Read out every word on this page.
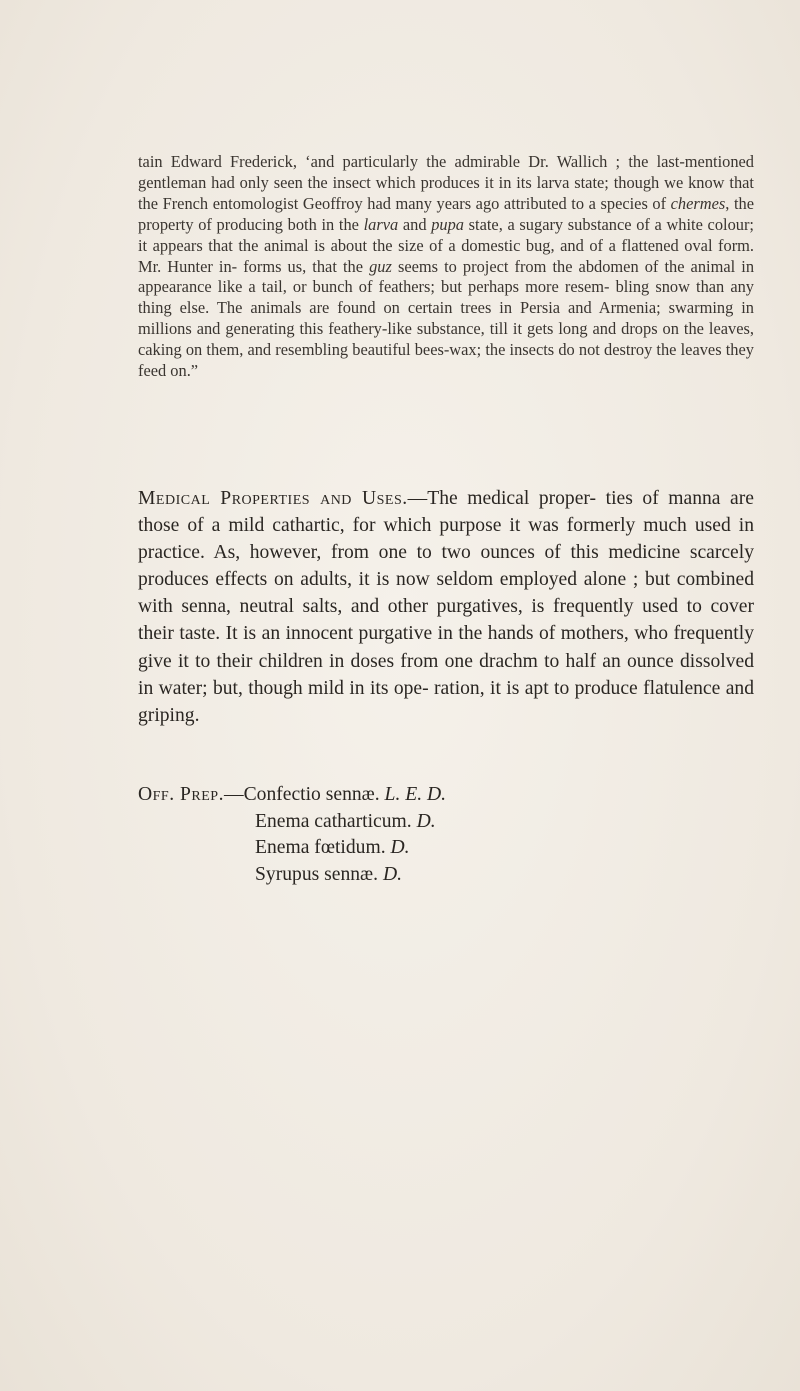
tain Edward Frederick, ‘and particularly the admirable Dr. Wallich ; the last-mentioned gentleman had only seen the insect which produces it in its larva state; though we know that the French entomologist Geoffroy had many years ago attributed to a species of chermes, the property of producing both in the larva and pupa state, a sugary substance of a white colour; it appears that the animal is about the size of a domestic bug, and of a flattened oval form. Mr. Hunter in- forms us, that the guz seems to project from the abdomen of the animal in appearance like a tail, or bunch of feathers; but perhaps more resem- bling snow than any thing else. The animals are found on certain trees in Persia and Armenia; swarming in millions and generating this feathery-like substance, till it gets long and drops on the leaves, caking on them, and resembling beautiful bees-wax; the insects do not destroy the leaves they feed on.”

Medical Properties and Uses.—The medical proper- ties of manna are those of a mild cathartic, for which purpose it was formerly much used in practice. As, however, from one to two ounces of this medicine scarcely produces effects on adults, it is now seldom employed alone ; but combined with senna, neutral salts, and other purgatives, is frequently used to cover their taste. It is an innocent purgative in the hands of mothers, who frequently give it to their children in doses from one drachm to half an ounce dissolved in water; but, though mild in its ope- ration, it is apt to produce flatulence and griping.

Off. Prep.—Confectio sennæ. L. E. D.
Enema catharticum. D.
Enema fœtidum. D.
Syrupus sennæ. D.
